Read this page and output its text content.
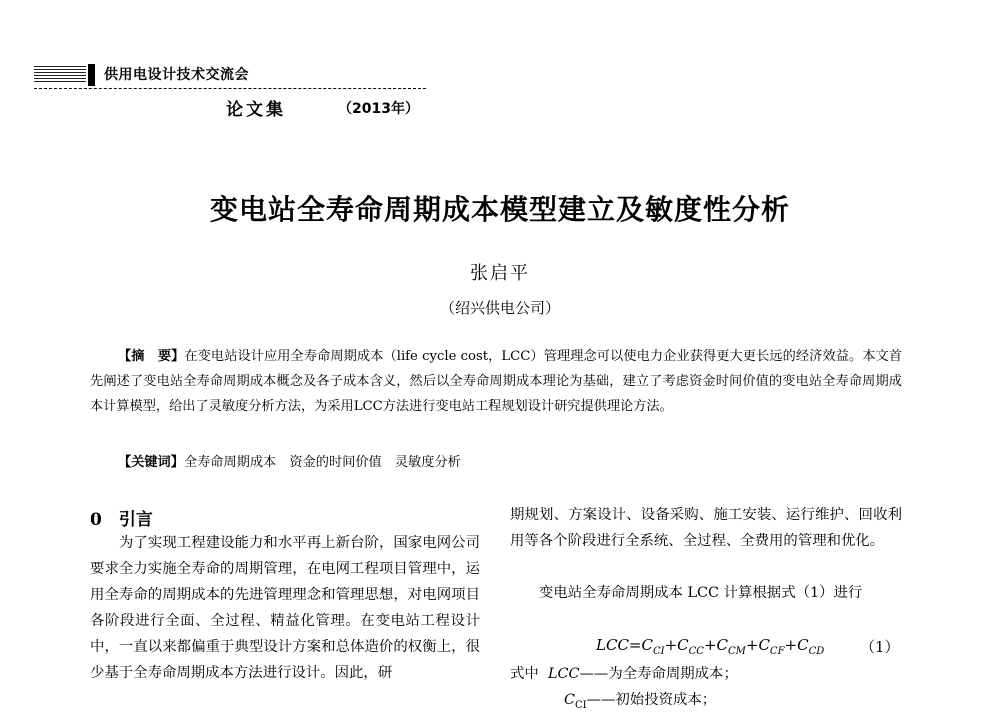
供用电设计技术交流会
论文集	（2013年）
变电站全寿命周期成本模型建立及敏度性分析
张启平
（绍兴供电公司）
【摘　要】在变电站设计应用全寿命周期成本（life cycle cost，LCC）管理理念可以使电力企业获得更大更长远的经济效益。本文首先阐述了变电站全寿命周期成本概念及各子成本含义，然后以全寿命周期成本理论为基础，建立了考虑资金时间价值的变电站全寿命周期成本计算模型，给出了灵敏度分析方法，为采用LCC方法进行变电站工程规划设计研究提供理论方法。
【关键词】全寿命周期成本　资金的时间价值　灵敏度分析
0　引言
为了实现工程建设能力和水平再上新台阶，国家电网公司要求全力实施全寿命的周期管理，在电网工程项目管理中，运用全寿命的周期成本的先进管理理念和管理思想，对电网项目各阶段进行全面、全过程、精益化管理。在变电站工程设计中，一直以来都偏重于典型设计方案和总体造价的权衡上，很少基于全寿命周期成本方法进行设计。因此，研
期规划、方案设计、设备采购、施工安装、运行维护、回收利用等各个阶段进行全系统、全过程、全费用的管理和优化。
变电站全寿命周期成本 LCC 计算根据式（1）进行
$LCC=C_{CI}+C_{CC}+C_{CM}+C_{CF}+C_{CD}$ （1）
式中 LCC——为全寿命周期成本；
$C_{CI}——$初始投资成本；
